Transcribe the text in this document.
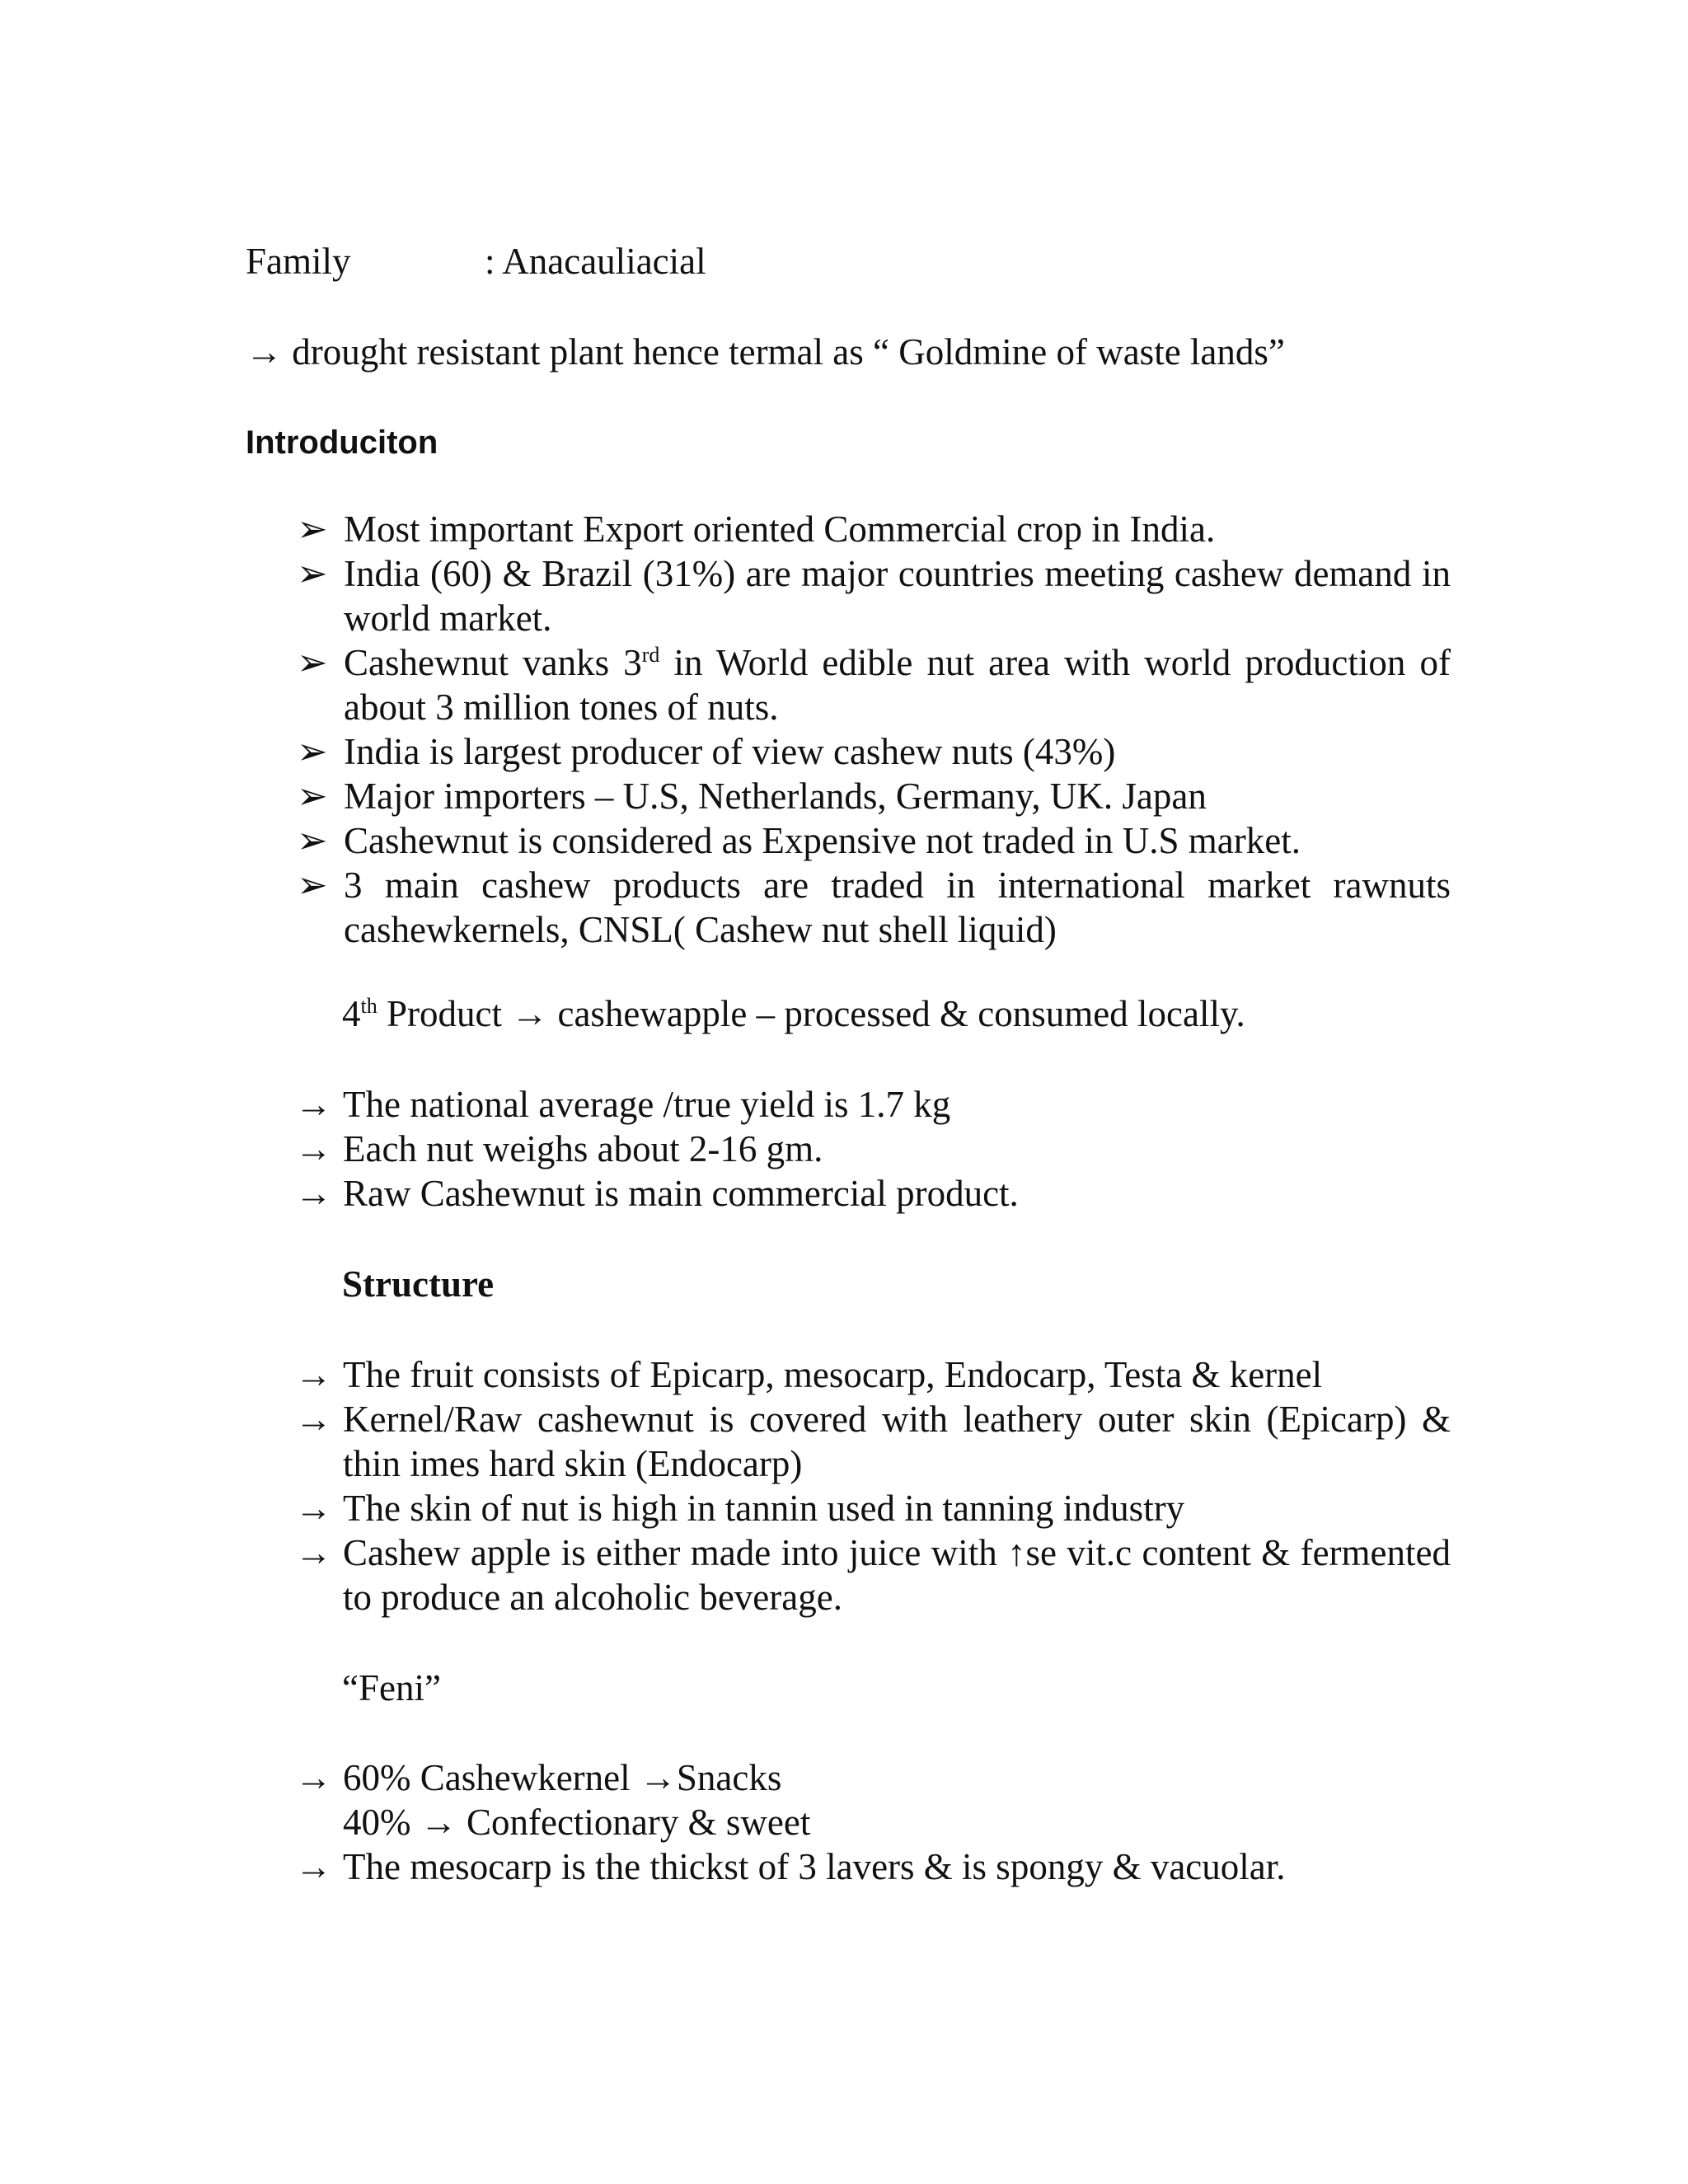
Family	: Anacauliacial
→ drought resistant plant hence termal as “ Goldmine of waste lands”
Introduciton
➢ Most important Export oriented Commercial crop in India.
➢ India (60) & Brazil (31%) are major countries meeting cashew demand in world market.
➢ Cashewnut vanks 3rd in World edible nut area with world production of about 3 million tones of nuts.
➢ India is largest producer of view cashew nuts (43%)
➢ Major importers – U.S, Netherlands, Germany, UK. Japan
➢ Cashewnut is considered as Expensive not traded in U.S market.
➢ 3 main cashew products are traded in international market rawnuts cashewkernels, CNSL( Cashew nut shell liquid)
4th Product → cashewapple – processed & consumed locally.
→ The national average /true yield is 1.7 kg
→ Each nut weighs about 2-16 gm.
→ Raw Cashewnut is main commercial product.
Structure
→ The fruit consists of Epicarp, mesocarp, Endocarp, Testa & kernel
→ Kernel/Raw cashewnut is covered with leathery outer skin (Epicarp) & thin imes hard skin (Endocarp)
→ The skin of nut is high in tannin used in tanning industry
→ Cashew apple is either made into juice with ↑se vit.c content & fermented to produce an alcoholic beverage.
“Feni”
→ 60% Cashewkernel →Snacks
40% → Confectionary & sweet
→ The mesocarp is the thickst of 3 lavers & is spongy & vacuolar.
